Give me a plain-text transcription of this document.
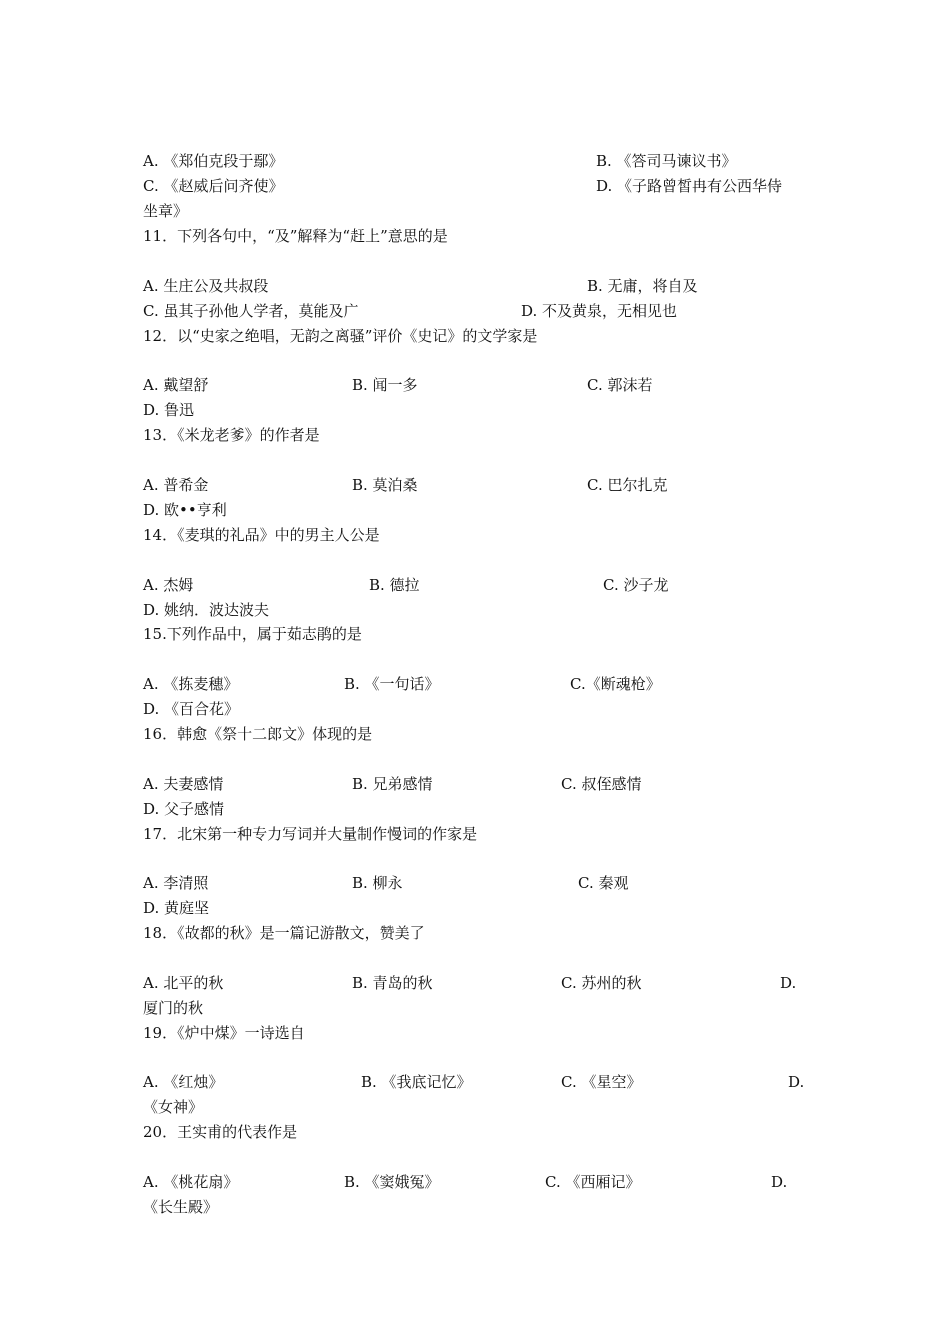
A. 《郑伯克段于鄢》	B. 《答司马谏议书》
C. 《赵威后问齐使》	D. 《子路曾皙冉有公西华侍
坐章》
11．下列各句中，“及”解释为“赶上”意思的是
A. 生庄公及共叔段	B. 无庸，将自及
C. 虽其子孙他人学者，莫能及广	D. 不及黄泉，无相见也
12．以“史家之绝唱，无韵之离骚”评价《史记》的文学家是
A. 戴望舒	B. 闻一多	C. 郭沫若
D. 鲁迅
13．《米龙老爹》的作者是
A. 普希金	B. 莫泊桑	C. 巴尔扎克
D. 欧••亨利
14．《麦琪的礼品》中的男主人公是
A. 杰姆	B. 德拉	C. 沙子龙
D. 姚纳．波达波夫
15.下列作品中，属于茹志鹃的是
A. 《拣麦穗》	B. 《一句话》	C.《断魂枪》
D. 《百合花》
16．韩愈《祭十二郎文》体现的是
A. 夫妻感情	B. 兄弟感情	C. 叔侄感情
D. 父子感情
17．北宋第一种专力写词并大量制作慢词的作家是
A. 李清照	B. 柳永	C. 秦观
D. 黄庭坚
18．《故都的秋》是一篇记游散文，赞美了
A. 北平的秋	B. 青岛的秋	C. 苏州的秋	D.
厦门的秋
19．《炉中煤》一诗选自
A. 《红烛》	B. 《我底记忆》	C. 《星空》	D.
《女神》
20．王实甫的代表作是
A. 《桃花扇》	B. 《窦娥冤》	C. 《西厢记》	D.
《长生殿》
